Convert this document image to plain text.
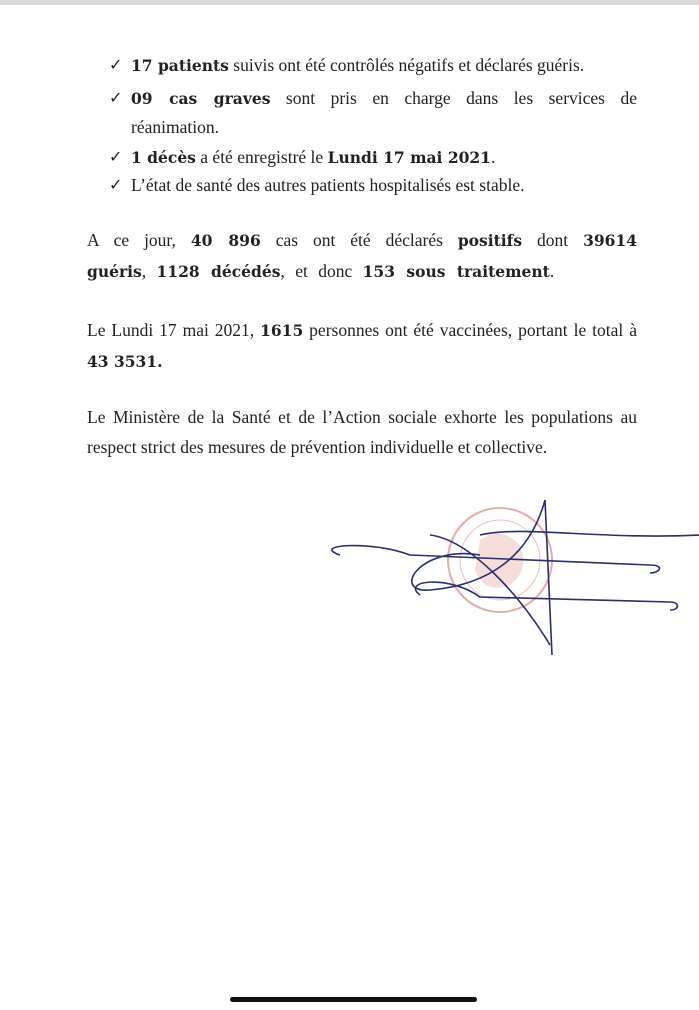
✓ 17 patients suivis ont été contrôlés négatifs et déclarés guéris.
✓ 09 cas graves sont pris en charge dans les services de réanimation.
✓ 1 décès a été enregistré le Lundi 17 mai 2021.
✓ L’état de santé des autres patients hospitalisés est stable.
A ce jour, 40 896 cas ont été déclarés positifs dont 39614 guéris, 1128 décédés, et donc 153 sous traitement.
Le Lundi 17 mai 2021, 1615 personnes ont été vaccinées, portant le total à 43 3531.
Le Ministère de la Santé et de l’Action sociale exhorte les populations au respect strict des mesures de prévention individuelle et collective.
